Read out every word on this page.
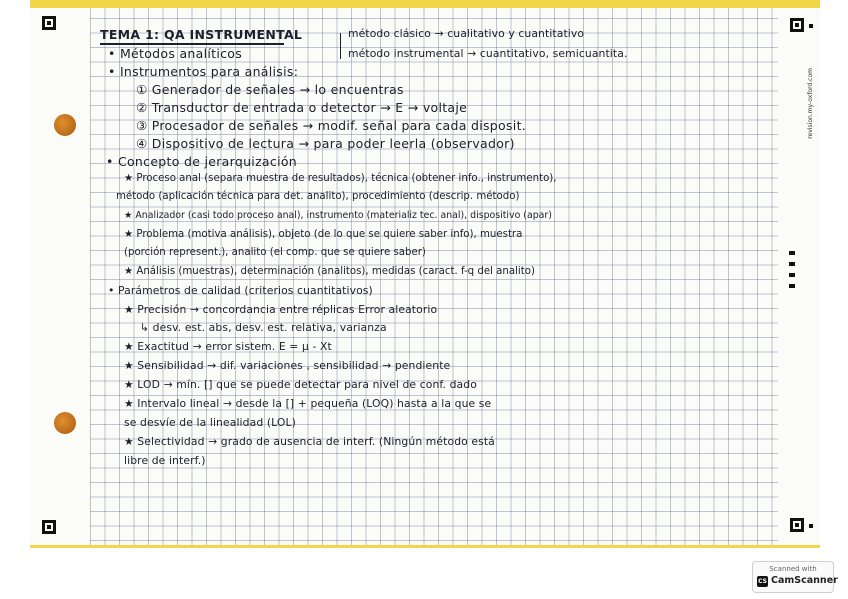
revision.my-oxford.com
TEMA 1: QA INSTRUMENTAL	método clásico → cualitativo y cuantitativo
• Métodos analíticos	método instrumental → cuantitativo, semicuantita.
• Instrumentos para análisis:
① Generador de señales → lo encuentras
② Transductor de entrada o detector → E → voltaje
③ Procesador de señales → modif. señal para cada disposit.
④ Dispositivo de lectura → para poder leerla (observador)
• Concepto de jerarquización
★ Proceso anal (separa muestra de resultados), técnica (obtener info., instrumento),
método (aplicación técnica para det. analito), procedimiento (descrip. método)
★ Analizador (casi todo proceso anal), instrumento (materializ tec. anal), dispositivo (apar)
★ Problema (motiva análisis), objeto (de lo que se quiere saber info), muestra
(porción represent.), analito (el comp. que se quiere saber)
★ Análisis (muestras), determinación (analitos), medidas (caract. f-q del analito)
• Parámetros de calidad (criterios cuantitativos)
★ Precisión → concordancia entre réplicas Error aleatorio
↳ desv. est. abs, desv. est. relativa, varianza
★ Exactitud → error sistem. E = μ - Xt
★ Sensibilidad → dif. variaciones , sensibilidad → pendiente
★ LOD → mín. [] que se puede detectar para nivel de conf. dado
★ Intervalo lineal → desde la [] + pequeña (LOQ) hasta a la que se
se desvíe de la linealidad (LOL)
★ Selectividad → grado de ausencia de interf. (Ningún método está
libre de interf.)
Scanned with
CS CamScanner
